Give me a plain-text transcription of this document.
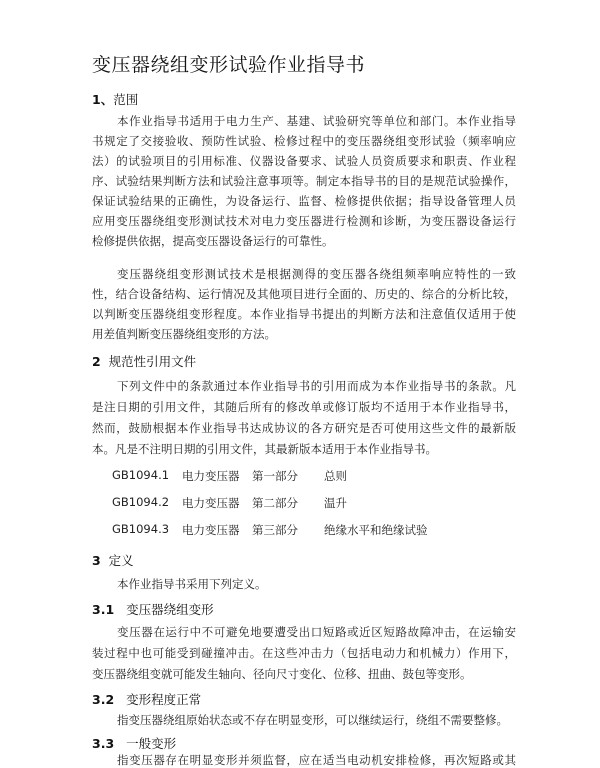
变压器绕组变形试验作业指导书
1、范围
本作业指导书适用于电力生产、基建、试验研究等单位和部门。本作业指导
书规定了交接验收、预防性试验、检修过程中的变压器绕组变形试验（频率响应
法）的试验项目的引用标准、仪器设备要求、试验人员资质要求和职责、作业程
序、试验结果判断方法和试验注意事项等。制定本指导书的目的是规范试验操作，
保证试验结果的正确性，为设备运行、监督、检修提供依据；指导设备管理人员
应用变压器绕组变形测试技术对电力变压器进行检测和诊断，为变压器设备运行
检修提供依据，提高变压器设备运行的可靠性。
变压器绕组变形测试技术是根据测得的变压器各绕组频率响应特性的一致
性，结合设备结构、运行情况及其他项目进行全面的、历史的、综合的分析比较，
以判断变压器绕组变形程度。本作业指导书提出的判断方法和注意值仅适用于使
用差值判断变压器绕组变形的方法。
2 规范性引用文件
下列文件中的条款通过本作业指导书的引用而成为本作业指导书的条款。凡
是注日期的引用文件，其随后所有的修改单或修订版均不适用于本作业指导书，
然而，鼓励根据本作业指导书达成协议的各方研究是否可使用这些文件的最新版
本。凡是不注明日期的引用文件，其最新版本适用于本作业指导书。
GB1094.1 电力变压器 第一部分 总则
GB1094.2 电力变压器 第二部分 温升
GB1094.3 电力变压器 第三部分 绝缘水平和绝缘试验
3 定义
本作业指导书采用下列定义。
3.1 变压器绕组变形
变压器在运行中不可避免地要遭受出口短路或近区短路故障冲击，在运输安
装过程中也可能受到碰撞冲击。在这些冲击力（包括电动力和机械力）作用下，
变压器绕组变就可能发生轴向、径向尺寸变化、位移、扭曲、鼓包等变形。
3.2 变形程度正常
指变压器绕组原始状态或不存在明显变形，可以继续运行，绕组不需要整修。
3.3 一般变形
指变压器存在明显变形并须监督，应在适当电动机安排检修，再次短路或其
